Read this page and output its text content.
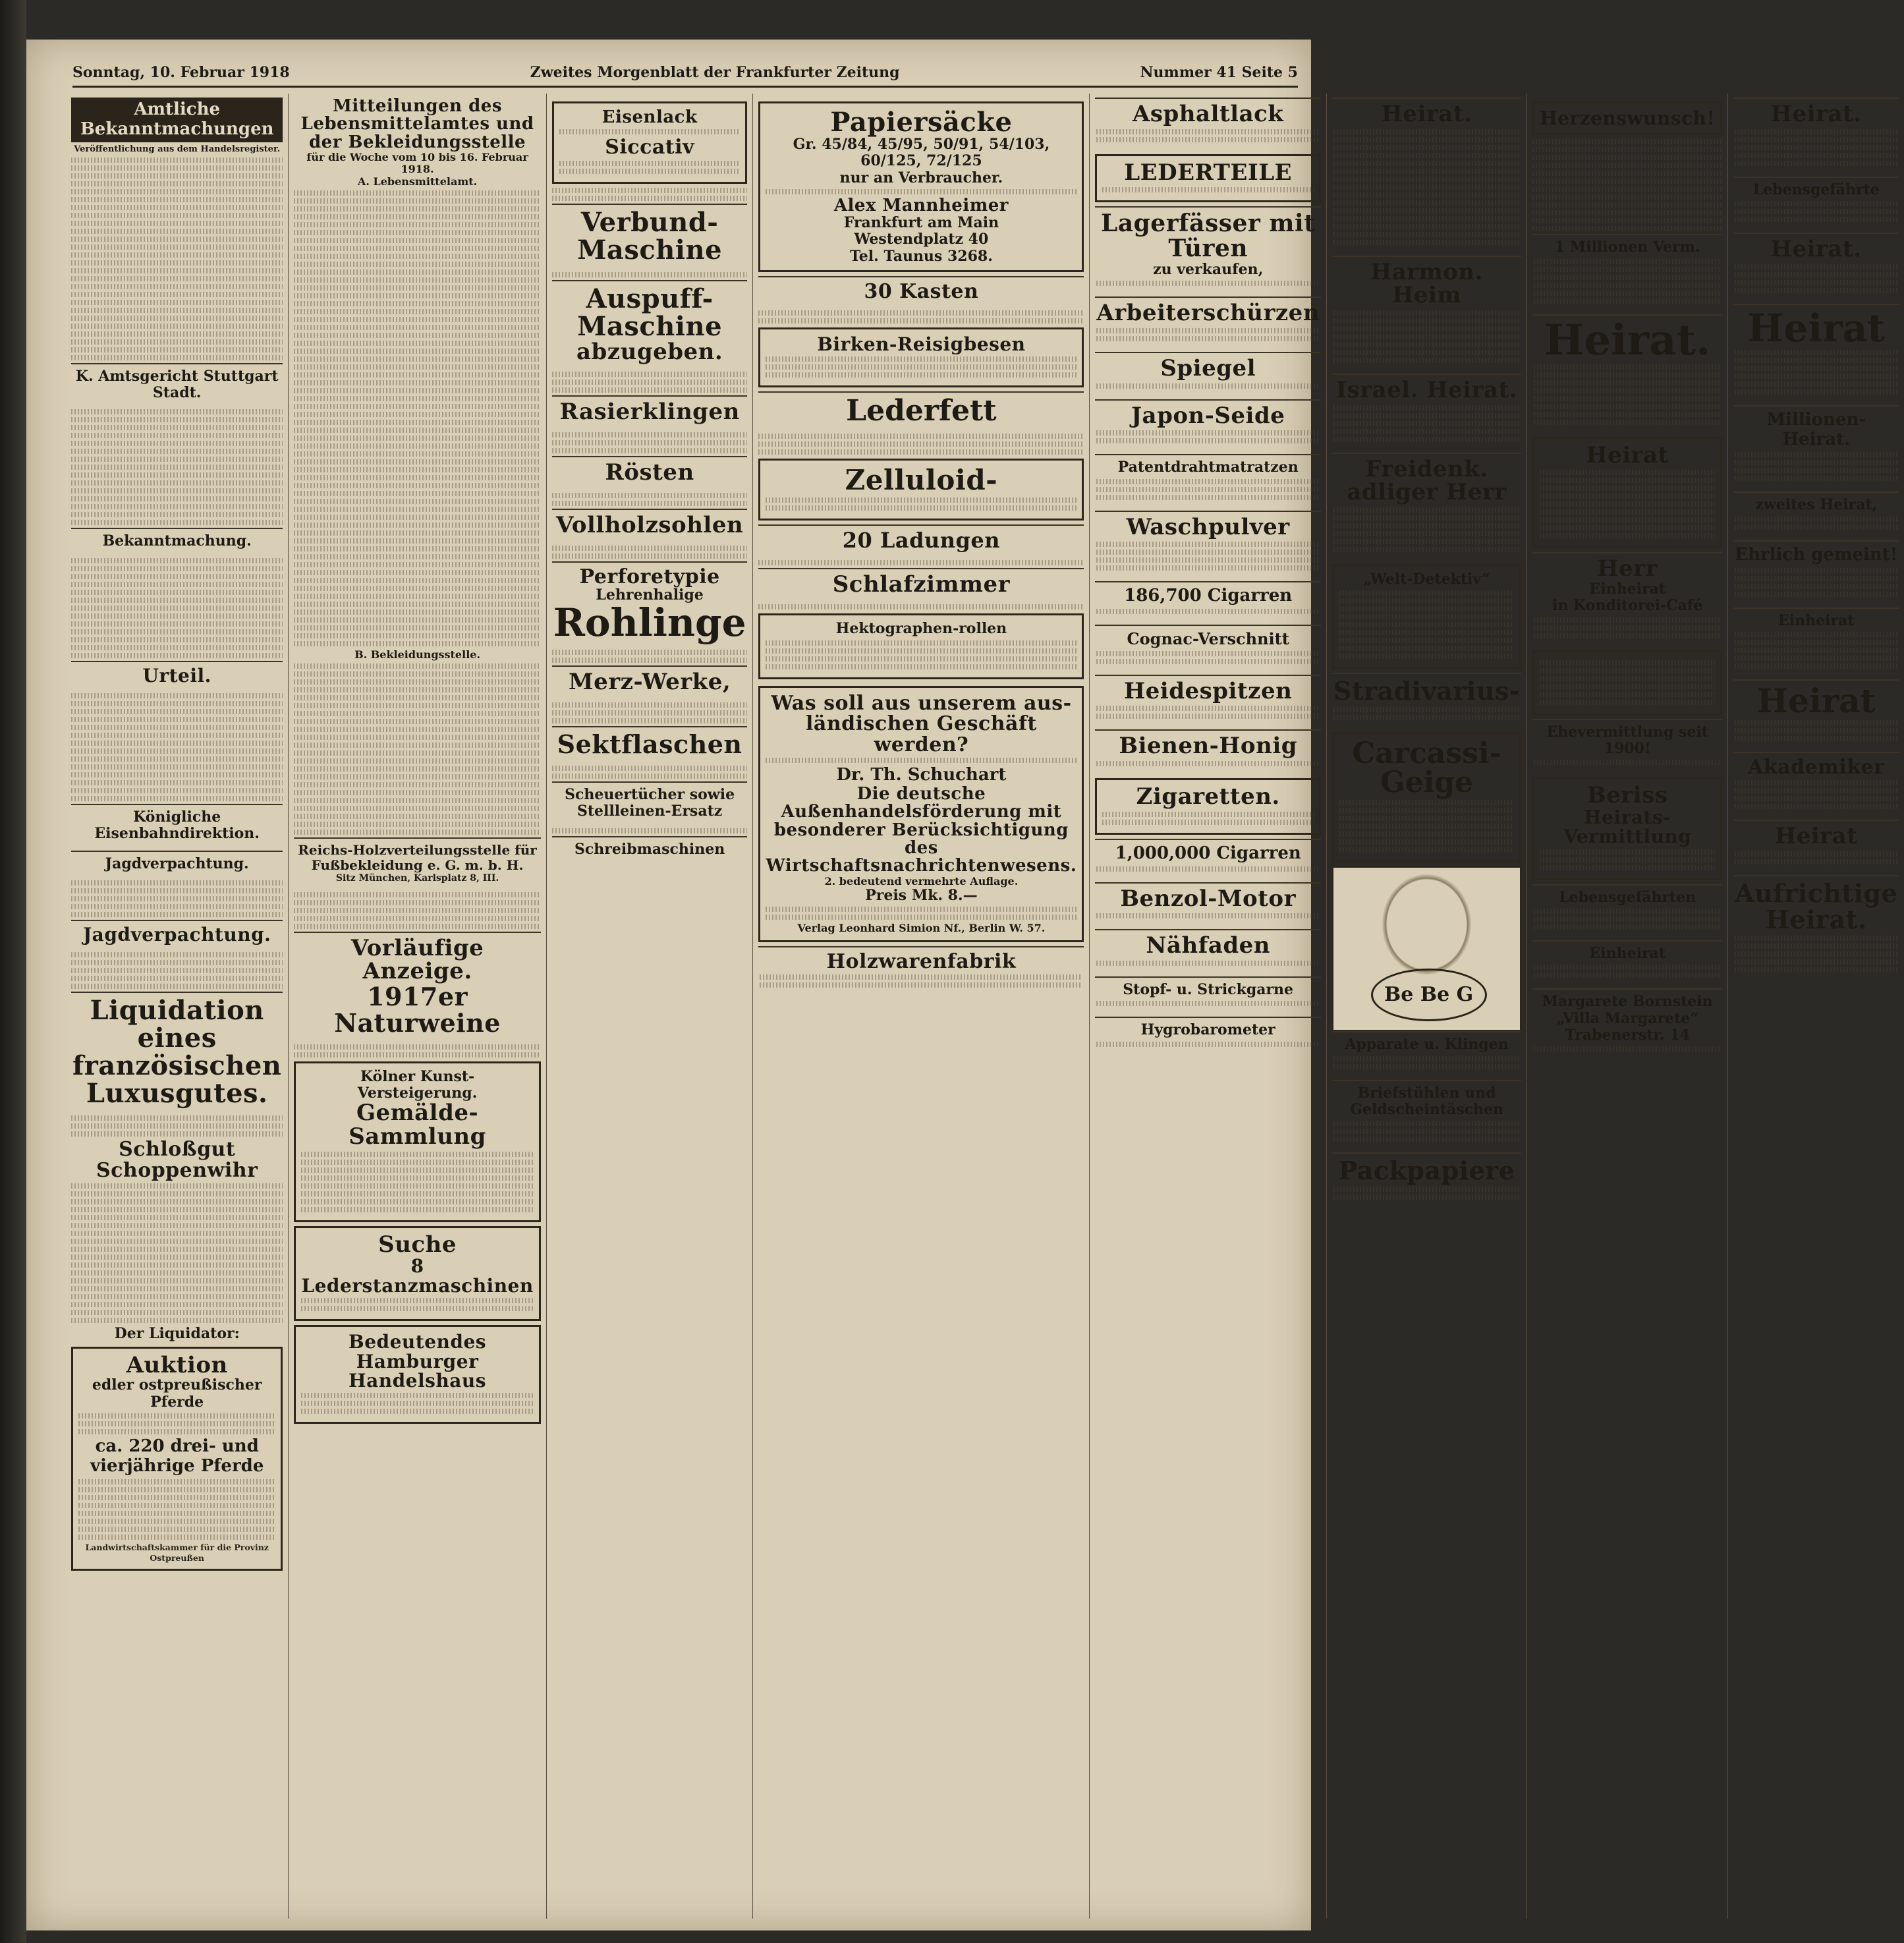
Sonntag, 10. Februar 1918	Zweites Morgenblatt der Frankfurter Zeitung	Nummer 41 Seite 5
Amtliche Bekanntmachungen
Veröffentlichung aus dem Handelsregister.
K. Amtsgericht Stuttgart Stadt.
Bekanntmachung.
Urteil.
Königliche Eisenbahndirektion.
Jagdverpachtung.
Jagdverpachtung.
Liquidation eines französischen Luxusgutes.
Schloßgut Schoppenwihr
Der Liquidator:
Auktion
edler ostpreußischer Pferde
ca. 220 drei- und vierjährige Pferde
Landwirtschaftskammer für die Provinz Ostpreußen
Mitteilungen des Lebensmittelamtes und der Bekleidungsstelle
für die Woche vom 10 bis 16. Februar 1918.
A. Lebensmittelamt.
B. Bekleidungsstelle.
Reichs-Holzverteilungsstelle für Fußbekleidung e. G. m. b. H.
Sitz München, Karlsplatz 8, III.
Vorläufige Anzeige.
1917er Naturweine
Kölner Kunst-Versteigerung.
Gemälde-Sammlung
Suche
8 Lederstanzmaschinen
Bedeutendes Hamburger Handelshaus
Eisenlack
Siccativ
Verbund-Maschine
Auspuff-Maschine
abzugeben.
Rasierklingen
Rösten
Vollholzsohlen
Perforetypie
Lehrenhalige
Rohlinge
Merz-Werke,
Sektflaschen
Scheuertücher sowie Stellleinen-Ersatz
Schreibmaschinen
Papiersäcke
Gr. 45/84, 45/95, 50/91, 54/103, 60/125, 72/125
nur an Verbraucher.
Alex Mannheimer
Frankfurt am Main
Westendplatz 40
Tel. Taunus 3268.
30 Kasten
Birken-Reisigbesen
Lederfett
Zelluloid-
20 Ladungen
Schlafzimmer
Hektographen-rollen
Was soll aus unserem aus-ländischen Geschäft werden?
Dr. Th. Schuchart
Die deutsche Außenhandelsförderung mit besonderer Berücksichtigung des Wirtschaftsnachrichtenwesens.
2. bedeutend vermehrte Auflage.
Preis Mk. 8.—
Verlag Leonhard Simion Nf., Berlin W. 57.
Holzwarenfabrik
Asphaltlack
LEDERTEILE
Lagerfässer mit Türen
zu verkaufen,
Arbeiterschürzen
Spiegel
Japon-Seide
Patentdrahtmatratzen
Waschpulver
186,700 Cigarren
Cognac-Verschnitt
Heidespitzen
Bienen-Honig
Zigaretten.
1,000,000 Cigarren
Benzol-Motor
Nähfaden
Stopf- u. Strickgarne
Hygrobarometer
Heirat.
Harmon. Heim
Israel. Heirat.
Freidenk. adliger Herr
„Welt-Detektiv“
Stradivarius-
Carcassi-Geige
Be Be G
Apparate u. Klingen
Briefstühlen und Geldscheintäschen
Packpapiere
Herzenswunsch!
1 Millionen Verm.
Heirat.
Heirat
Herr
Einheirat
in Konditorei-Café
Ehevermittlung seit 1900!
Beriss
Heirats-Vermittlung
Lebensgefährten
Einheirat
Margarete Bornstein
„Villa Margarete“
Trabenerstr. 14
Heirat.
Lebensgefährte
Heirat.
Heirat
Millionen-Heirat.
zweites Heirat,
Ehrlich gemeint!
Einheirat
Heirat
Akademiker
Heirat
Aufrichtige Heirat.
